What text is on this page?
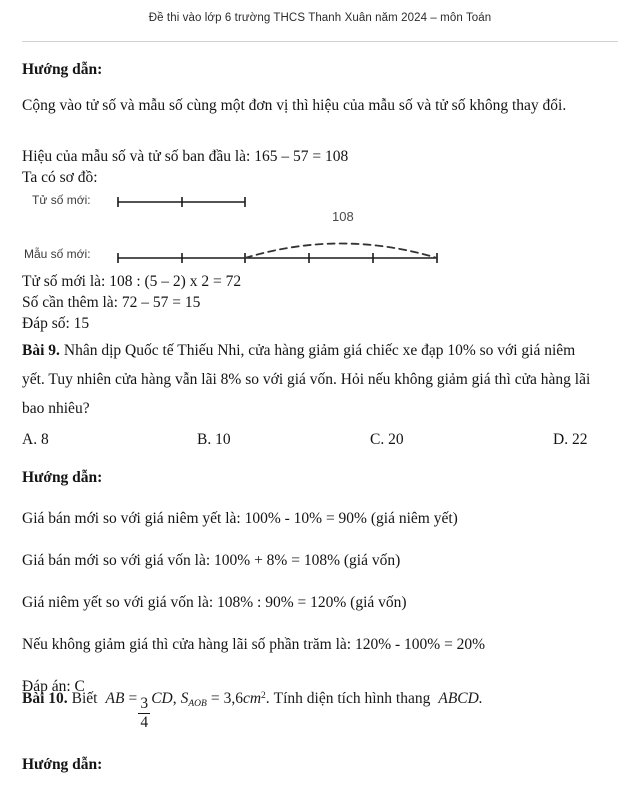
Đề thi vào lớp 6 trường THCS Thanh Xuân năm 2024 – môn Toán
Hướng dẫn:
Cộng vào tử số và mẫu số cùng một đơn vị thì hiệu của mẫu số và tử số không thay đổi.
Hiệu của mẫu số và tử số ban đầu là: 165 – 57 = 108
Ta có sơ đồ:
Tử số mới:
Mẫu số mới:
108
Tử số mới là: 108 : (5 – 2) x 2 = 72
Số cần thêm là: 72 – 57 = 15
Đáp số: 15
Bài 9. Nhân dịp Quốc tế Thiếu Nhi, cửa hàng giảm giá chiếc xe đạp 10% so với giá niêm yết. Tuy nhiên cửa hàng vẫn lãi 8% so với giá vốn. Hỏi nếu không giảm giá thì cửa hàng lãi bao nhiêu?
A. 8	B. 10	C. 20	D. 22
Hướng dẫn:
Giá bán mới so với giá niêm yết là: 100% - 10% = 90% (giá niêm yết)
Giá bán mới so với giá vốn là: 100% + 8% = 108% (giá vốn)
Giá niêm yết so với giá vốn là: 108% : 90% = 120% (giá vốn)
Nếu không giảm giá thì cửa hàng lãi số phần trăm là: 120% - 100% = 20%
Đáp án: C
Bài 10. Biết AB = $\frac{3}{4}$ CD , S AOB = 3,6 cm 2 . Tính diện tích hình thang ABCD.
Hướng dẫn:
